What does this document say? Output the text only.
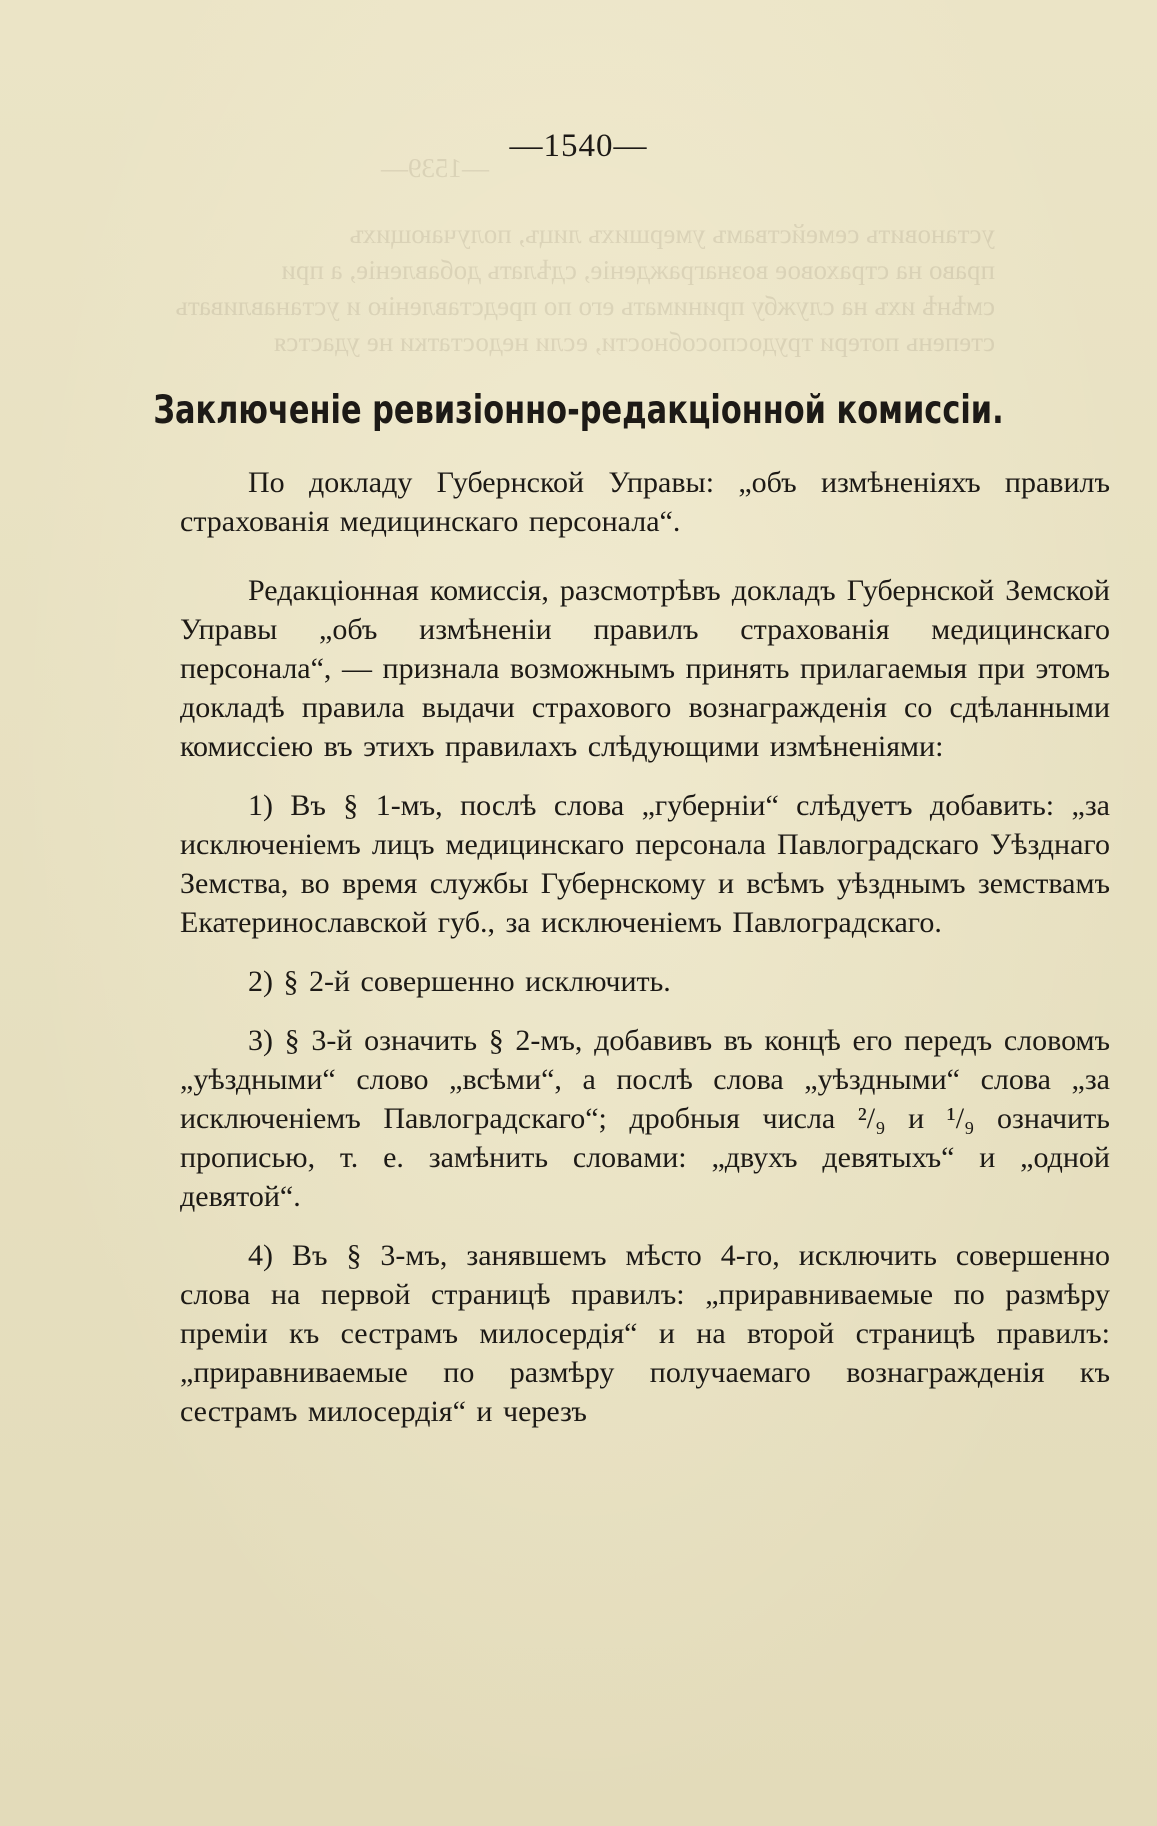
—1539—
установить семействамъ умершихъ лицъ, получающихъ
право на страховое вознагражденіе, сдѣлать добавленіе, а при
смѣнѣ ихъ на службу принимать его по представленію и устанавливать
степень потери трудоспособности, если недостатки не удастся
—1540—
Заключеніе ревизіонно-редакціонной комиссіи.

По докладу Губернской Управы: „объ измѣненіяхъ правилъ страхованія медицинскаго персонала“.

Редакціонная комиссія, разсмотрѣвъ докладъ Губернской Земской Управы „объ измѣненіи правилъ страхованія медицинскаго персонала“, — признала возможнымъ принять прилагаемыя при этомъ докладѣ правила выдачи страхового вознагражденія со сдѣланными комиссіею въ этихъ правилахъ слѣдующими измѣненіями:

1) Въ § 1-мъ, послѣ слова „губерніи“ слѣдуетъ добавить: „за исключеніемъ лицъ медицинскаго персонала Павлоградскаго Уѣзднаго Земства, во время службы Губернскому и всѣмъ уѣзднымъ земствамъ Екатеринославской губ., за исключеніемъ Павлоградскаго.

2) § 2-й совершенно исключить.

3) § 3-й означить § 2-мъ, добавивъ въ концѣ его передъ словомъ „уѣздными“ слово „всѣми“, а послѣ слова „уѣздными“ слова „за исключеніемъ Павлоградскаго“; дробныя числа ²/₉ и ¹/₉ означить прописью, т. е. замѣнить словами: „двухъ девятыхъ“ и „одной девятой“.

4) Въ § 3-мъ, занявшемъ мѣсто 4-го, исключить совершенно слова на первой страницѣ правилъ: „приравниваемые по размѣру преміи къ сестрамъ милосердія“ и на второй страницѣ правилъ: „приравниваемые по размѣру получаемаго вознагражденія къ сестрамъ милосердія“ и черезъ
